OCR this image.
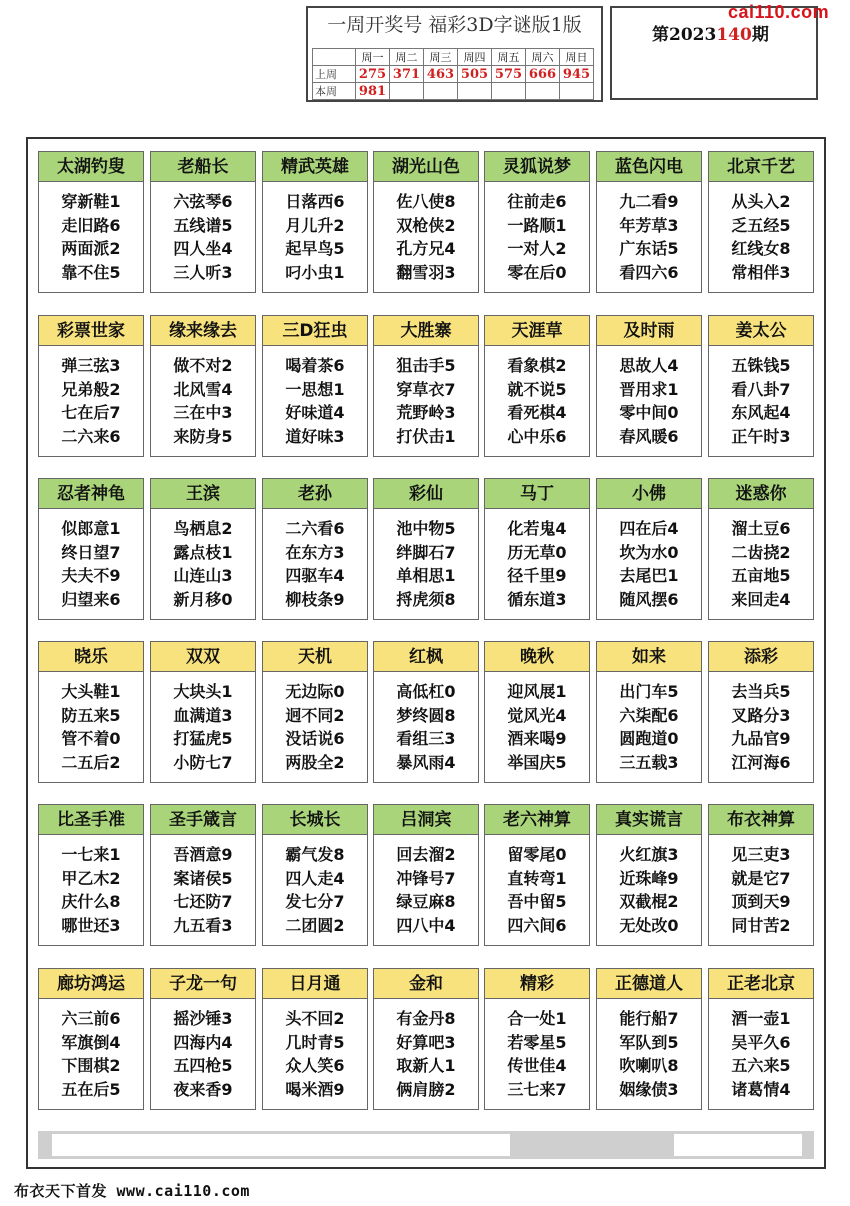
一周开奖号 福彩3D字谜版1版
	周一	周二	周三	周四	周五	周六	周日
上周	275	371	463	505	575	666	945
本周	981						
第2023140期
cai110.com
太湖钓叟
穿新鞋1
走旧路6
两面派2
靠不住5
老船长
六弦琴6
五线谱5
四人坐4
三人听3
精武英雄
日落西6
月儿升2
起早鸟5
叼小虫1
湖光山色
佐八使8
双枪侠2
孔方兄4
翻雪羽3
灵狐说梦
往前走6
一路顺1
一对人2
零在后0
蓝色闪电
九二看9
年芳草3
广东话5
看四六6
北京千艺
从头入2
乏五经5
红线女8
常相伴3
彩票世家
弹三弦3
兄弟般2
七在后7
二六来6
缘来缘去
做不对2
北风雪4
三在中3
来防身5
三D狂虫
喝着茶6
一思想1
好味道4
道好味3
大胜寨
狙击手5
穿草衣7
荒野岭3
打伏击1
天涯草
看象棋2
就不说5
看死棋4
心中乐6
及时雨
思故人4
晋用求1
零中间0
春风暖6
姜太公
五铢钱5
看八卦7
东风起4
正午时3
忍者神龟
似郎意1
终日望7
夫夫不9
归望来6
王滨
鸟栖息2
露点枝1
山连山3
新月移0
老孙
二六看6
在东方3
四驱车4
柳枝条9
彩仙
池中物5
绊脚石7
单相思1
捋虎须8
马丁
化若鬼4
历无草0
径千里9
循东道3
小佛
四在后4
坎为水0
去尾巴1
随风摆6
迷惑你
溜土豆6
二齿挠2
五亩地5
来回走4
晓乐
大头鞋1
防五来5
管不着0
二五后2
双双
大块头1
血满道3
打猛虎5
小防七7
天机
无边际0
迥不同2
没话说6
两股全2
红枫
高低杠0
梦终圆8
看组三3
暴风雨4
晚秋
迎风展1
觉风光4
酒来喝9
举国庆5
如来
出门车5
六柒配6
圆跑道0
三五载3
添彩
去当兵5
叉路分3
九品官9
江河海6
比圣手准
一七来1
甲乙木2
庆什么8
哪世还3
圣手箴言
吾酒意9
案诸侯5
七还防7
九五看3
长城长
霸气发8
四人走4
发七分7
二团圆2
吕洞宾
回去溜2
冲锋号7
绿豆麻8
四八中4
老六神算
留零尾0
直转弯1
吾中留5
四六间6
真实谎言
火红旗3
近珠峰9
双截棍2
无处改0
布衣神算
见三吏3
就是它7
顶到天9
同甘苦2
廊坊鸿运
六三前6
军旗倒4
下围棋2
五在后5
子龙一句
摇沙锤3
四海内4
五四枪5
夜来香9
日月通
头不回2
几时青5
众人笑6
喝米酒9
金和
有金丹8
好算吧3
取新人1
俩肩膀2
精彩
合一处1
若零星5
传世佳4
三七来7
正德道人
能行船7
军队到5
吹喇叭8
姻缘债3
正老北京
酒一壶1
吴平久6
五六来5
诸葛情4
布衣天下首发 www.cai110.com
